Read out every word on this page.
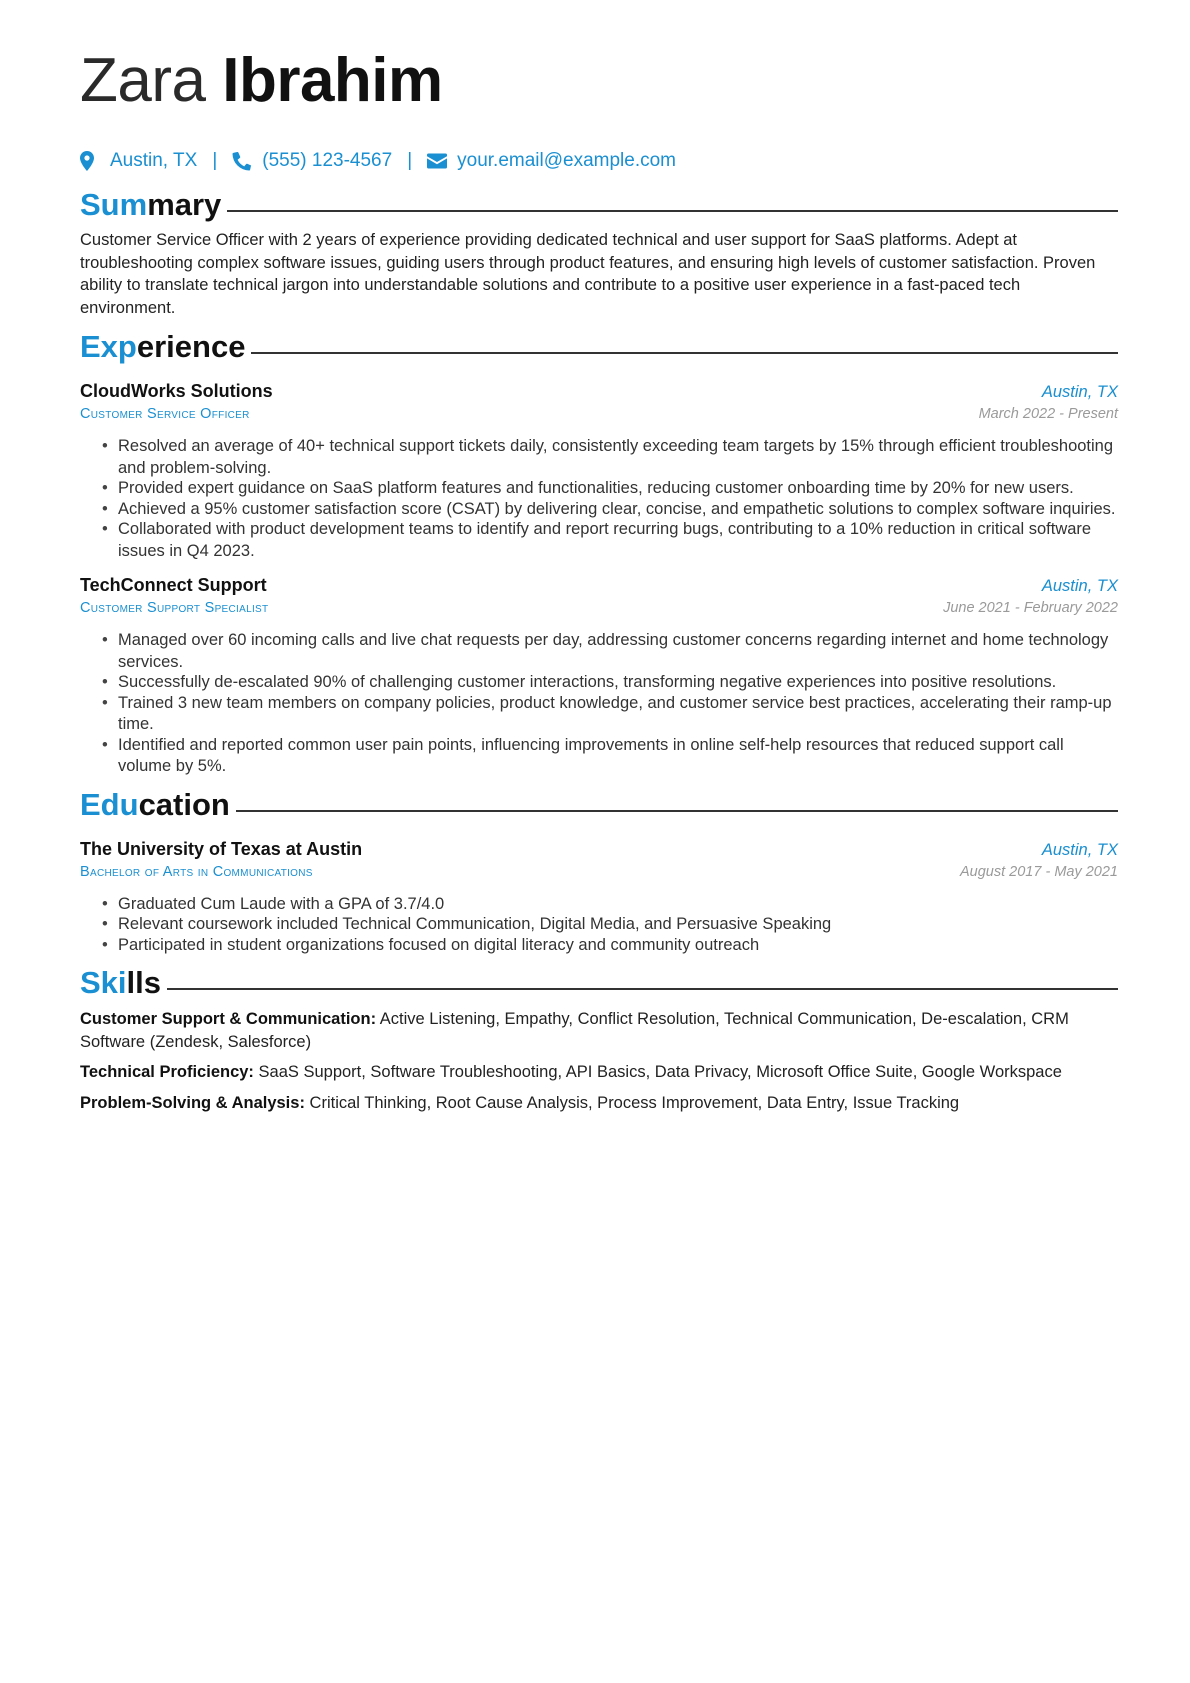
Zara Ibrahim
Austin, TX | (555) 123-4567 | your.email@example.com
Summary

Customer Service Officer with 2 years of experience providing dedicated technical and user support for SaaS platforms. Adept at troubleshooting complex software issues, guiding users through product features, and ensuring high levels of customer satisfaction. Proven ability to translate technical jargon into understandable solutions and contribute to a positive user experience in a fast-paced tech environment.

Experience
CloudWorks Solutions	Austin, TX
Customer Service Officer	March 2022 - Present
• Resolved an average of 40+ technical support tickets daily, consistently exceeding team targets by 15% through efficient troubleshooting and problem-solving.
• Provided expert guidance on SaaS platform features and functionalities, reducing customer onboarding time by 20% for new users.
• Achieved a 95% customer satisfaction score (CSAT) by delivering clear, concise, and empathetic solutions to complex software inquiries.
• Collaborated with product development teams to identify and report recurring bugs, contributing to a 10% reduction in critical software issues in Q4 2023.
TechConnect Support	Austin, TX
Customer Support Specialist	June 2021 - February 2022
• Managed over 60 incoming calls and live chat requests per day, addressing customer concerns regarding internet and home technology services.
• Successfully de-escalated 90% of challenging customer interactions, transforming negative experiences into positive resolutions.
• Trained 3 new team members on company policies, product knowledge, and customer service best practices, accelerating their ramp-up time.
• Identified and reported common user pain points, influencing improvements in online self-help resources that reduced support call volume by 5%.
Education
The University of Texas at Austin	Austin, TX
Bachelor of Arts in Communications	August 2017 - May 2021
• Graduated Cum Laude with a GPA of 3.7/4.0
• Relevant coursework included Technical Communication, Digital Media, and Persuasive Speaking
• Participated in student organizations focused on digital literacy and community outreach
Skills
Customer Support & Communication: Active Listening, Empathy, Conflict Resolution, Technical Communication, De-escalation, CRM Software (Zendesk, Salesforce)
Technical Proficiency: SaaS Support, Software Troubleshooting, API Basics, Data Privacy, Microsoft Office Suite, Google Workspace
Problem-Solving & Analysis: Critical Thinking, Root Cause Analysis, Process Improvement, Data Entry, Issue Tracking
